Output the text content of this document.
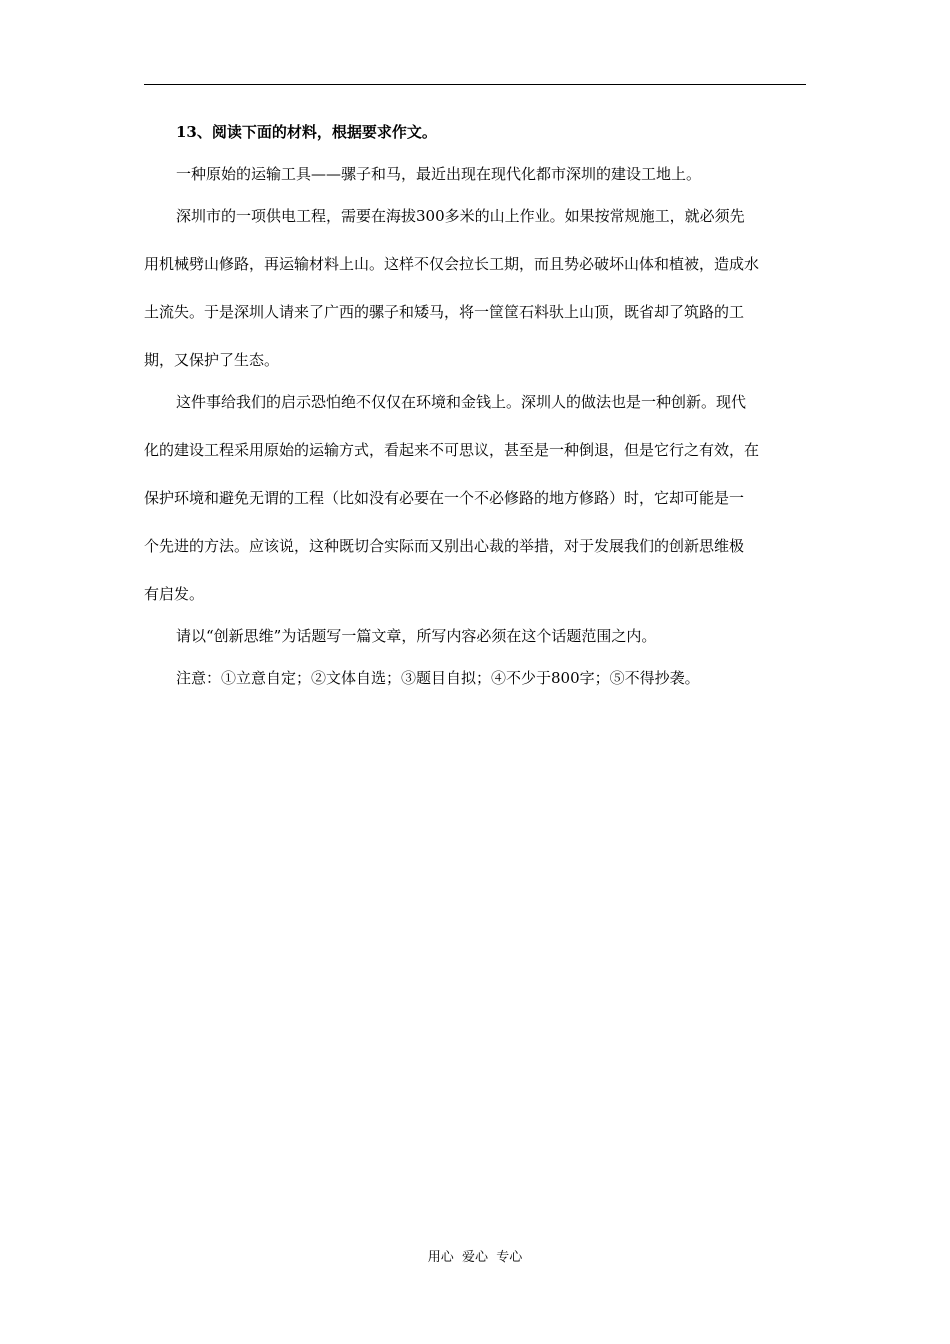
13、阅读下面的材料，根据要求作文。

一种原始的运输工具——骡子和马，最近出现在现代化都市深圳的建设工地上。

深圳市的一项供电工程，需要在海拔300多米的山上作业。如果按常规施工，就必须先
用机械劈山修路，再运输材料上山。这样不仅会拉长工期，而且势必破坏山体和植被，造成水
土流失。于是深圳人请来了广西的骡子和矮马，将一筐筐石料驮上山顶，既省却了筑路的工
期，又保护了生态。
这件事给我们的启示恐怕绝不仅仅在环境和金钱上。深圳人的做法也是一种创新。现代
化的建设工程采用原始的运输方式，看起来不可思议，甚至是一种倒退，但是它行之有效，在
保护环境和避免无谓的工程（比如没有必要在一个不必修路的地方修路）时，它却可能是一
个先进的方法。应该说，这种既切合实际而又别出心裁的举措，对于发展我们的创新思维极
有启发。

请以“创新思维”为话题写一篇文章，所写内容必须在这个话题范围之内。

注意：①立意自定；②文体自选；③题目自拟；④不少于800字；⑤不得抄袭。

用心  爱心  专心
